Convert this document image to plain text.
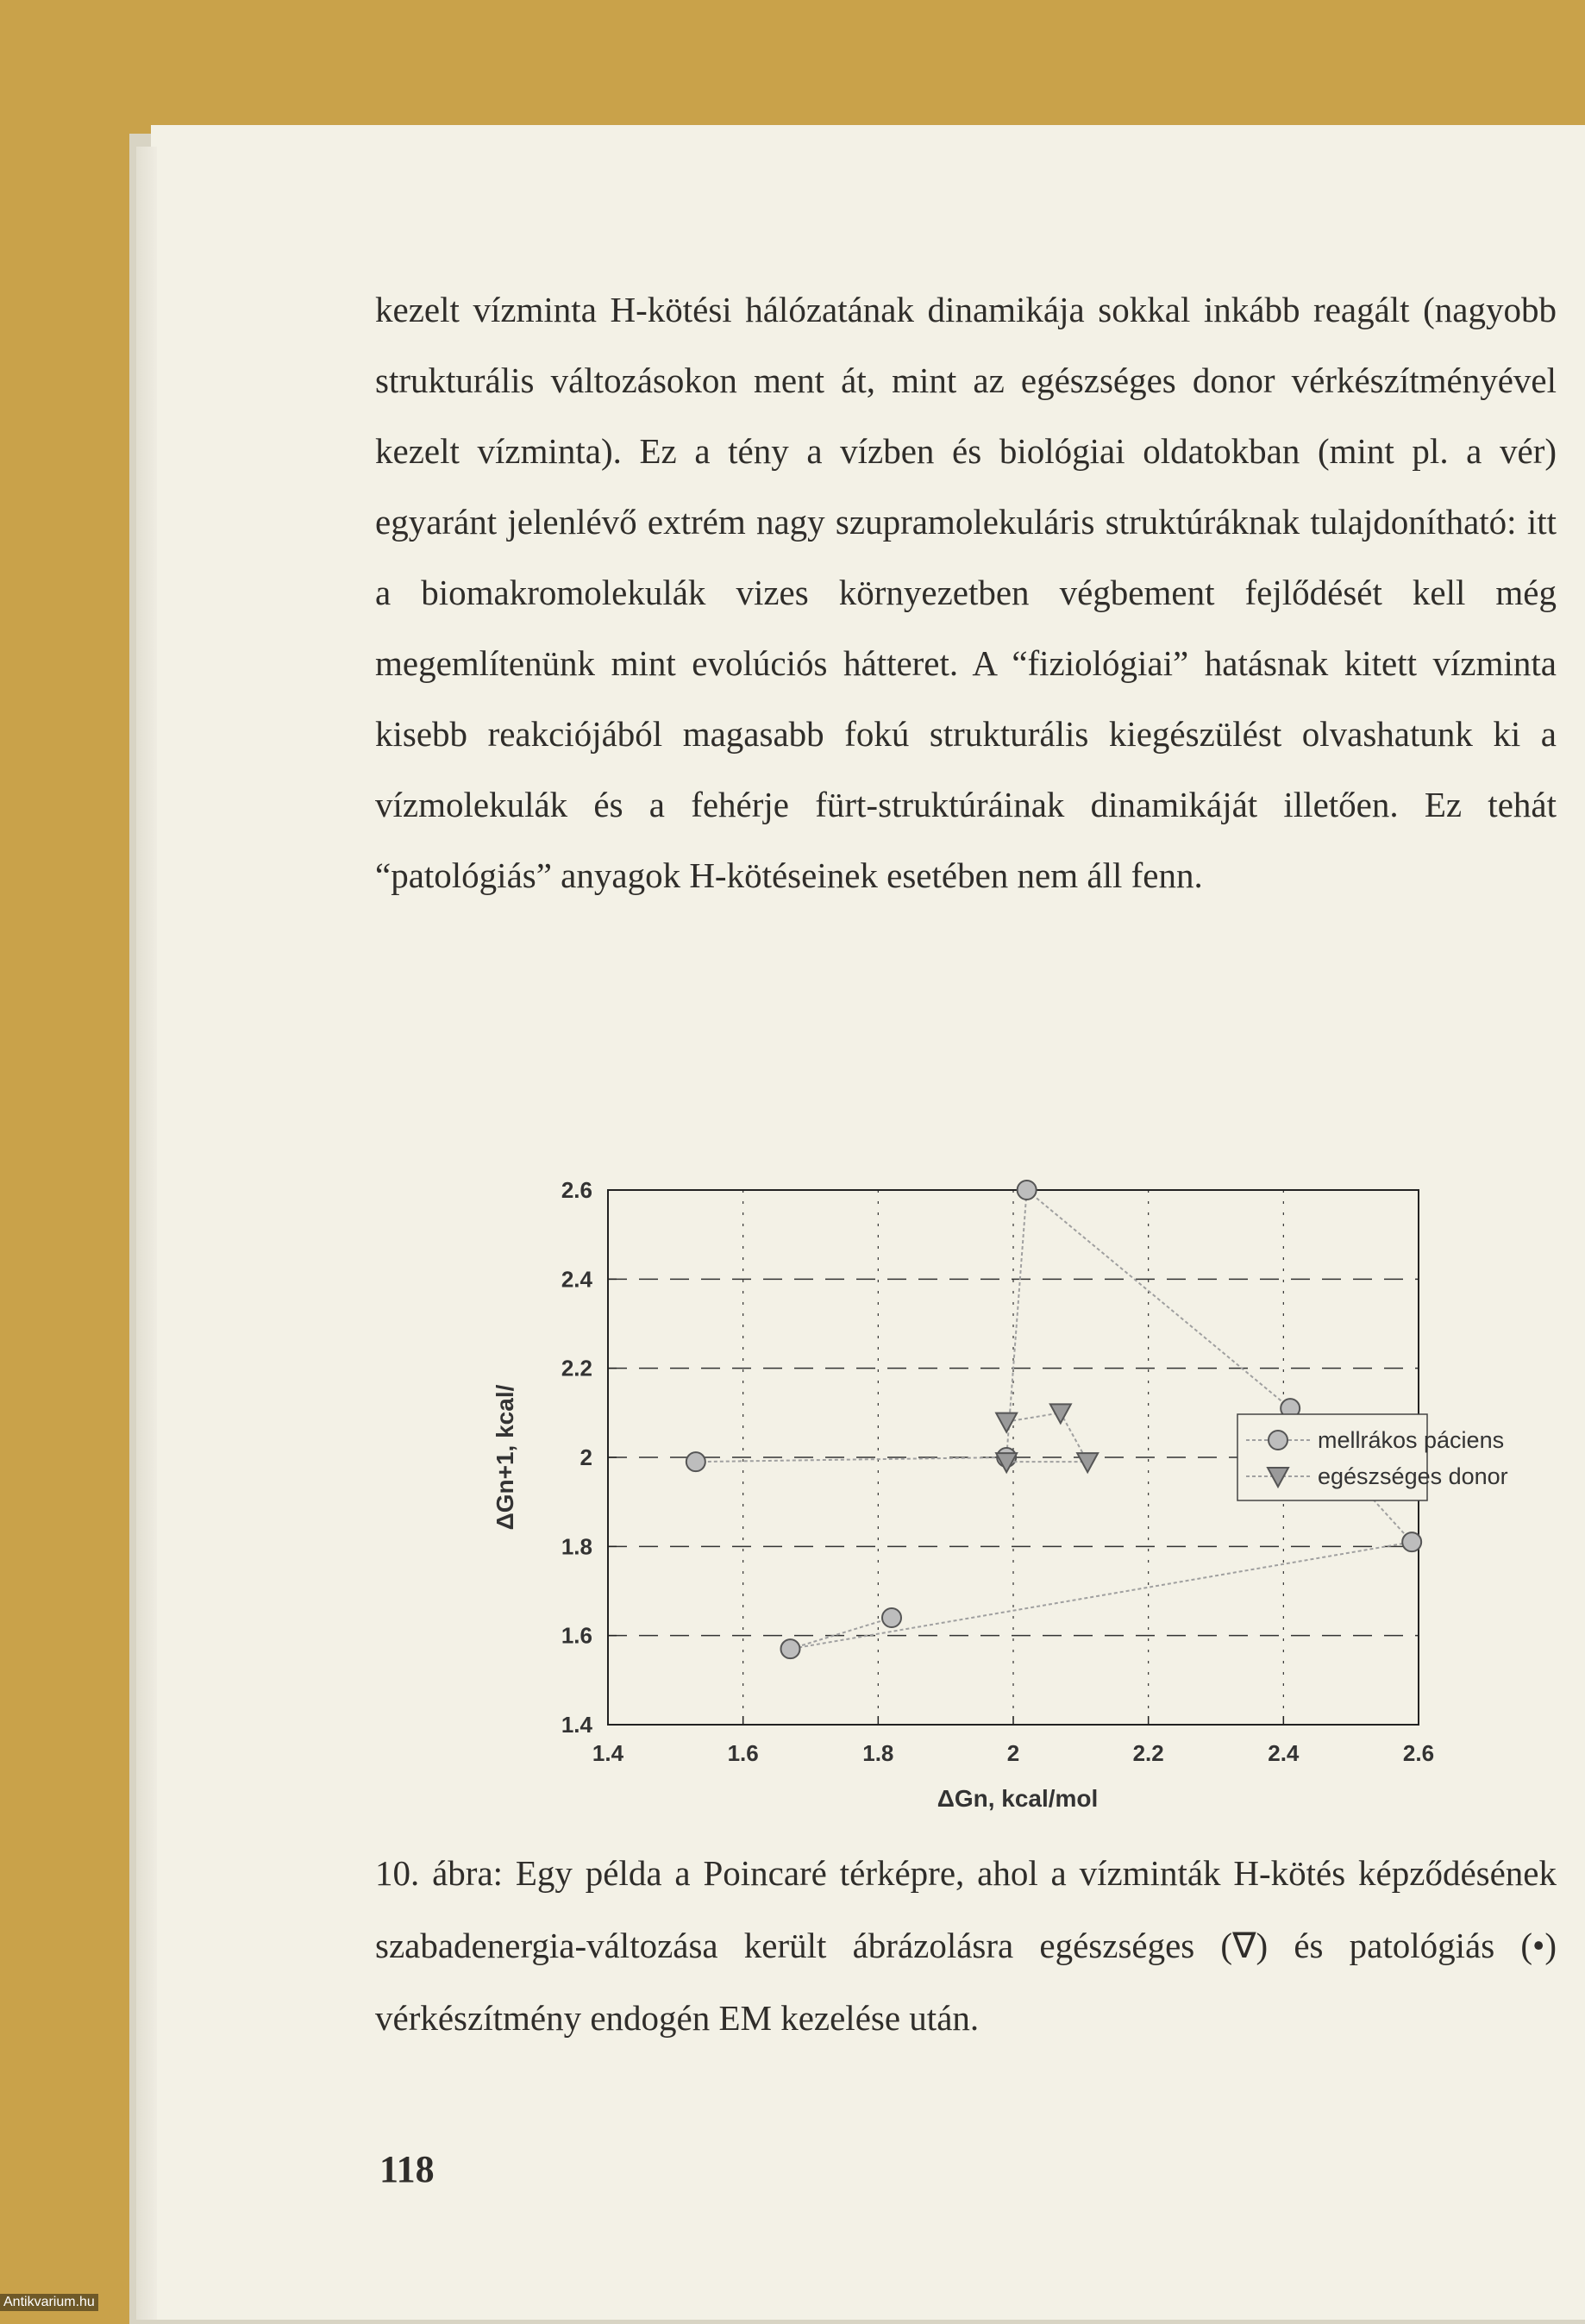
kezelt vízminta H-kötési hálózatának dinamikája sokkal inkább reagált (nagyobb strukturális változásokon ment át, mint az egészséges donor vérkészítményével kezelt vízminta). Ez a tény a vízben és biológiai oldatokban (mint pl. a vér) egyaránt jelenlévő extrém nagy szupramolekuláris struktúráknak tulajdonítható: itt a biomakromolekulák vizes környezetben végbement fejlődését kell még megemlítenünk mint evolúciós hátteret. A “fiziológiai” hatásnak kitett vízminta kisebb reakciójából magasabb fokú strukturális kiegészülést olvashatunk ki a vízmolekulák és a fehérje fürt-struktúráinak dinamikáját illetően. Ez tehát “patológiás” anyagok H-kötéseinek esetében nem áll fenn.

1.4	1.6	1.8	2	2.2	2.4	2.6
1.4
1.6
1.8
2
2.2
2.4
2.6
ΔGn, kcal/mol
ΔGn+1, kcal/	mellrákos páciens
egészséges donor
10. ábra: Egy példa a Poincaré térképre, ahol a vízminták H-kötés képződésének szabadenergia-változása került ábrázolásra egészséges (∇) és patológiás (•) vérkészítmény endogén EM kezelése után.
118
Antikvarium.hu
